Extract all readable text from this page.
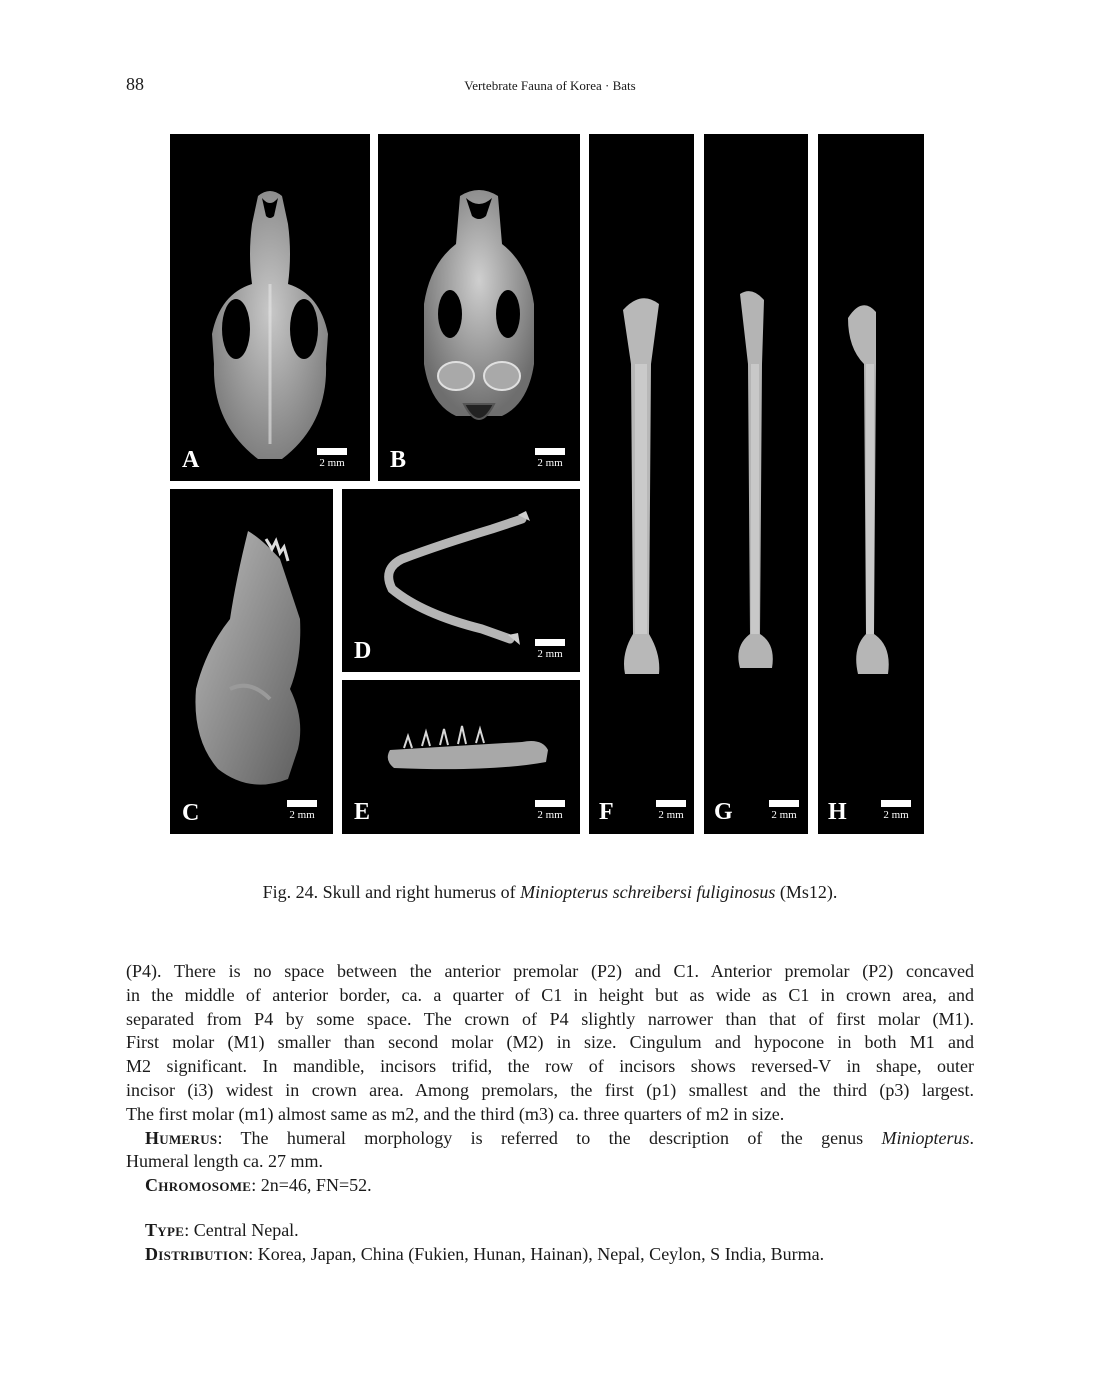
88	Vertebrate Fauna of Korea · Bats
A	2 mm B	2 mm
C	2 mm
D	2 mm
E	2 mm F	2 mm G	2 mm H	2 mm
Fig. 24. Skull and right humerus of Miniopterus schreibersi fuliginosus (Ms12).

(P4). There is no space between the anterior premolar (P2) and C1. Anterior premolar (P2) concaved

in the middle of anterior border, ca. a quarter of C1 in height but as wide as C1 in crown area, and

separated from P4 by some space. The crown of P4 slightly narrower than that of first molar (M1).

First molar (M1) smaller than second molar (M2) in size. Cingulum and hypocone in both M1 and

M2 significant. In mandible, incisors trifid, the row of incisors shows reversed-V in shape, outer

incisor (i3) widest in crown area. Among premolars, the first (p1) smallest and the third (p3) largest.

The first molar (m1) almost same as m2, and the third (m3) ca. three quarters of m2 in size.

Humerus: The humeral morphology is referred to the description of the genus Miniopterus.

Humeral length ca. 27 mm.

Chromosome: 2n=46, FN=52.

Type: Central Nepal.

Distribution: Korea, Japan, China (Fukien, Hunan, Hainan), Nepal, Ceylon, S India, Burma.
